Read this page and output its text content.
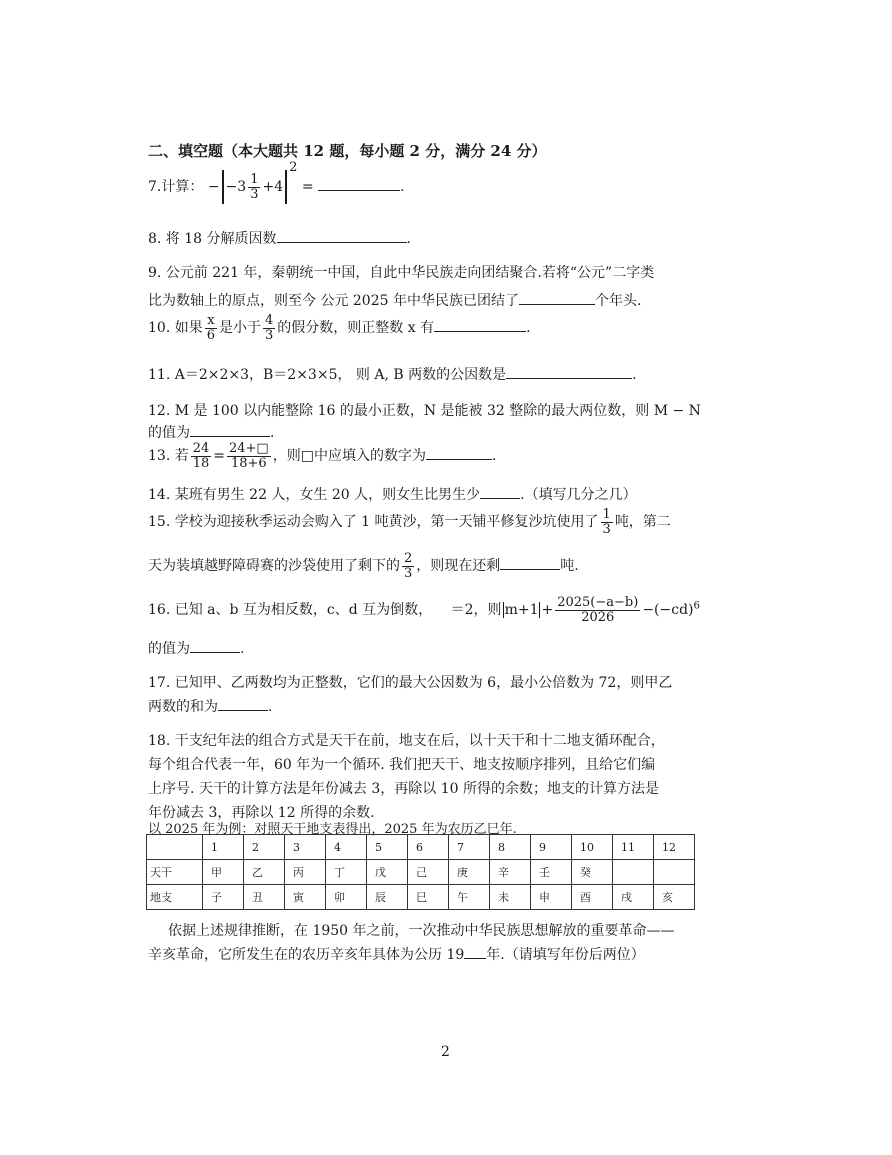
二、填空题（本大题共 12 题，每小题 2 分，满分 24 分）
7.计算： − $-3 \frac{1}{3} +4^2$ =	.
8. 将 18 分解质因数	.
9. 公元前 221 年，秦朝统一中国，自此中华民族走向团结聚合.若将“公元”二字类
比为数轴上的原点，则至今 公元 2025 年中华民族已团结了	个年头.
10. 如果 $\frac{x}{6}$ 是小于 $\frac{4}{3}$ 的假分数，则正整数 x 有	.
11. A＝2×2×3，B＝2×3×5， 则 A, B 两数的公因数是	.
12. M 是 100 以内能整除 16 的最小正数，N 是能被 32 整除的最大两位数，则 M − N
的值为	.
13. 若 $\frac{24}{18} = \frac{24+□}{18+6}$ ，则□中应填入的数字为	.
14. 某班有男生 22 人，女生 20 人，则女生比男生少	.（填写几分之几）
15. 学校为迎接秋季运动会购入了 1 吨黄沙，第一天铺平修复沙坑使用了 $\frac{1}{3}$ 吨，第二
天为装填越野障碍赛的沙袋使用了剩下的 $\frac{2}{3}$ ，则现在还剩	吨.
16. 已知 a、b 互为相反数，c、d 互为倒数， ＝2，则 $m+1 + \frac{2025(-a-b)}{2026} -(-cd)^6$
的值为	.
17. 已知甲、乙两数均为正整数，它们的最大公因数为 6，最小公倍数为 72，则甲乙
两数的和为	.
18. 干支纪年法的组合方式是天干在前，地支在后，以十天干和十二地支循环配合，
每个组合代表一年，60 年为一个循环. 我们把天干、地支按顺序排列，且给它们编
上序号. 天干的计算方法是年份减去 3，再除以 10 所得的余数；地支的计算方法是
年份减去 3，再除以 12 所得的余数.
以 2025 年为例：对照天干地支表得出，2025 年为农历乙巳年.
	1	2	3	4	5	6	7	8	9	10	11	12
天干	甲	乙	丙	丁	戊	己	庚	辛	壬	癸		
地支	子	丑	寅	卯	辰	巳	午	未	申	酉	戌	亥
依据上述规律推断，在 1950 年之前，一次推动中华民族思想解放的重要革命——
辛亥革命，它所发生在的农历辛亥年具体为公历 19 年.（请填写年份后两位）
2
